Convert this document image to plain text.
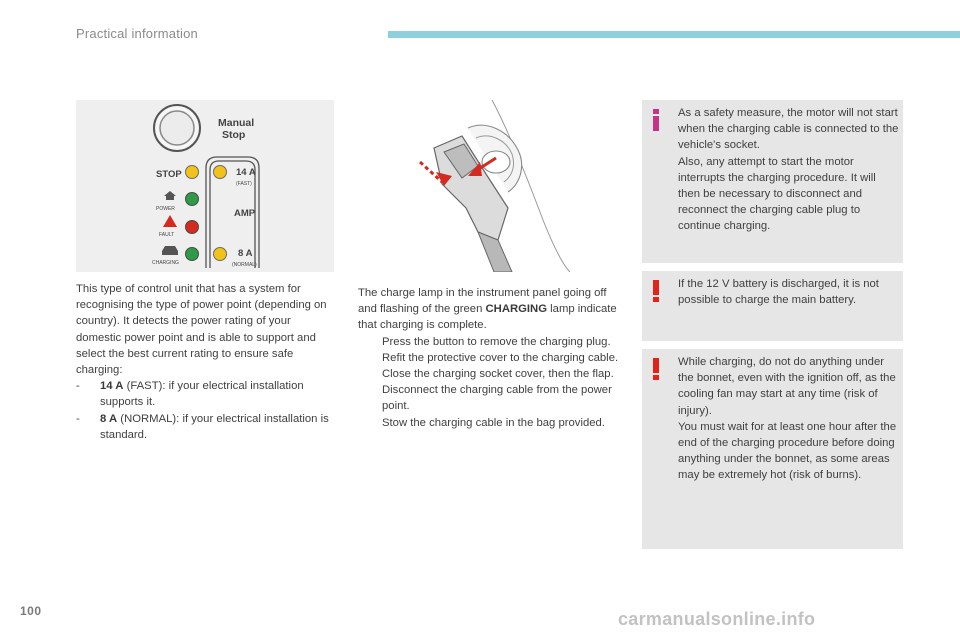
Practical information
Manual
Stop
STOP
POWER
FAULT
CHARGING
14 A
(FAST)
AMP
8 A
(NORMAL)

This type of control unit that has a system for recognising the type of power point (depending on country). It detects the power rating of your domestic power point and is able to support and select the best current rating to ensure safe charging:

-	14 A (FAST): if your electrical installation supports it.
-	8 A (NORMAL): if your electrical installation is standard.

The charge lamp in the instrument panel going off and flashing of the green CHARGING lamp indicate that charging is complete.

Press the button to remove the charging plug.
Refit the protective cover to the charging cable.
Close the charging socket cover, then the flap.
Disconnect the charging cable from the power point.
Stow the charging cable in the bag provided.
As a safety measure, the motor will not start when the charging cable is connected to the vehicle's socket.
Also, any attempt to start the motor interrupts the charging procedure. It will then be necessary to disconnect and reconnect the charging cable plug to continue charging.
If the 12 V battery is discharged, it is not possible to charge the main battery.
While charging, do not do anything under the bonnet, even with the ignition off, as the cooling fan may start at any time (risk of injury).
You must wait for at least one hour after the end of the charging procedure before doing anything under the bonnet, as some areas may be extremely hot (risk of burns).
100	carmanualsonline.info
